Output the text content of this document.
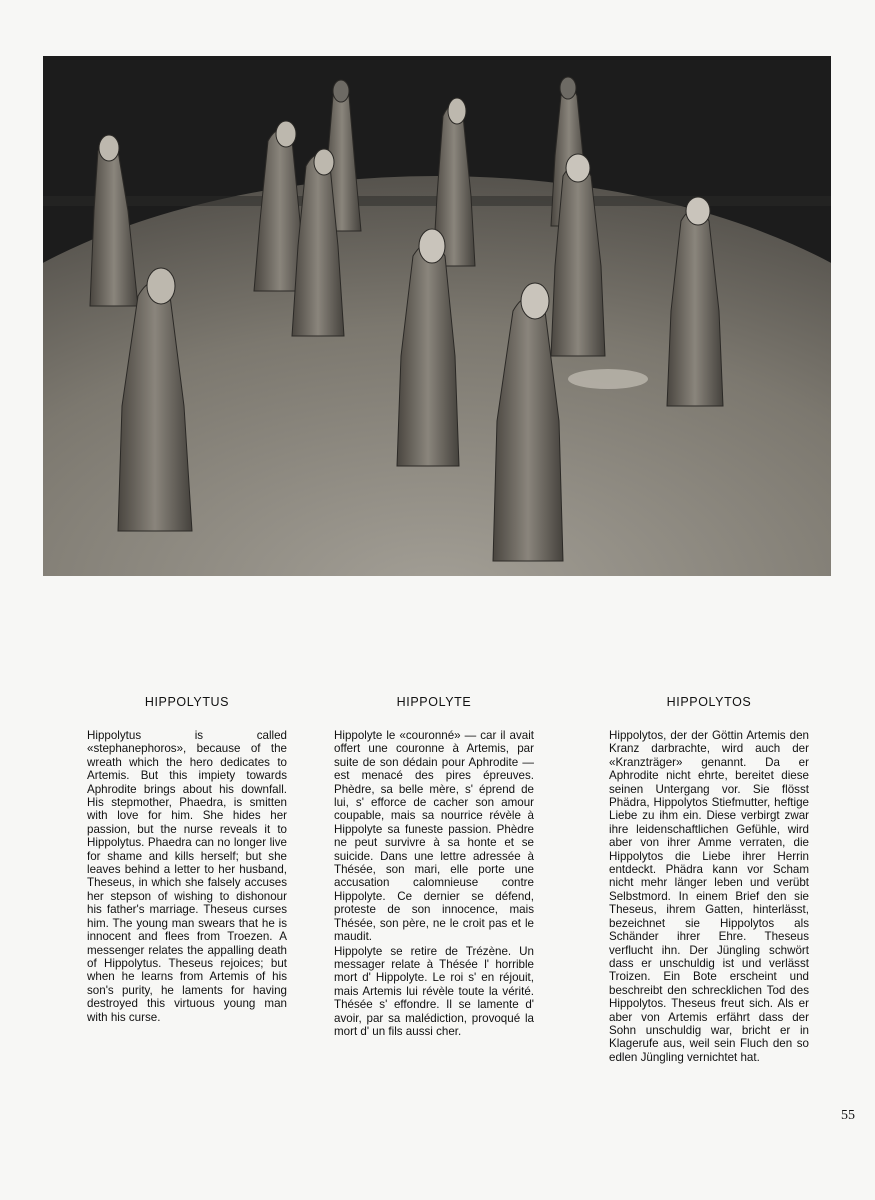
HIPPOLYTUS

Hippolytus is called «stephanephoros», because of the wreath which the hero dedicates to Artemis. But this impiety towards Aphrodite brings about his downfall. His stepmother, Phaedra, is smitten with love for him. She hides her passion, but the nurse reveals it to Hippolytus. Phaedra can no longer live for shame and kills herself; but she leaves behind a letter to her husband, Theseus, in which she falsely accuses her stepson of wishing to dishonour his father's marriage. Theseus curses him. The young man swears that he is innocent and flees from Troezen. A messenger relates the appalling death of Hippolytus. Theseus rejoices; but when he learns from Artemis of his son's purity, he laments for having destroyed this virtuous young man with his curse.

HIPPOLYTE

Hippolyte le «couronné» — car il avait offert une couronne à Artemis, par suite de son dédain pour Aphrodite — est menacé des pires épreuves. Phèdre, sa belle mère, s' éprend de lui, s' efforce de cacher son amour coupable, mais sa nourrice révèle à Hippolyte sa funeste passion. Phèdre ne peut survivre à sa honte et se suicide. Dans une lettre adressée à Thésée, son mari, elle porte une accusation calomnieuse contre Hippolyte. Ce dernier se défend, proteste de son innocence, mais Thésée, son père, ne le croit pas et le maudit.

Hippolyte se retire de Trézène. Un messager relate à Thésée l' horrible mort d' Hippolyte. Le roi s' en réjouit, mais Artemis lui révèle toute la vérité. Thésée s' effondre. Il se lamente d' avoir, par sa malédiction, provoqué la mort d' un fils aussi cher.

HIPPOLYTOS

Hippolytos, der der Göttin Artemis den Kranz darbrachte, wird auch der «Kranzträger» genannt. Da er Aphrodite nicht ehrte, bereitet diese seinen Untergang vor. Sie flösst Phädra, Hippolytos Stiefmutter, heftige Liebe zu ihm ein. Diese verbirgt zwar ihre leidenschaftlichen Gefühle, wird aber von ihrer Amme verraten, die Hippolytos die Liebe ihrer Herrin entdeckt. Phädra kann vor Scham nicht mehr länger leben und verübt Selbstmord. In einem Brief den sie Theseus, ihrem Gatten, hinterlässt, bezeichnet sie Hippolytos als Schänder ihrer Ehre. Theseus verflucht ihn. Der Jüngling schwört dass er unschuldig ist und verlässt Troizen. Ein Bote erscheint und beschreibt den schrecklichen Tod des Hippolytos. Theseus freut sich. Als er aber von Artemis erfährt dass der Sohn unschuldig war, bricht er in Klagerufe aus, weil sein Fluch den so edlen Jüngling vernichtet hat.

55
